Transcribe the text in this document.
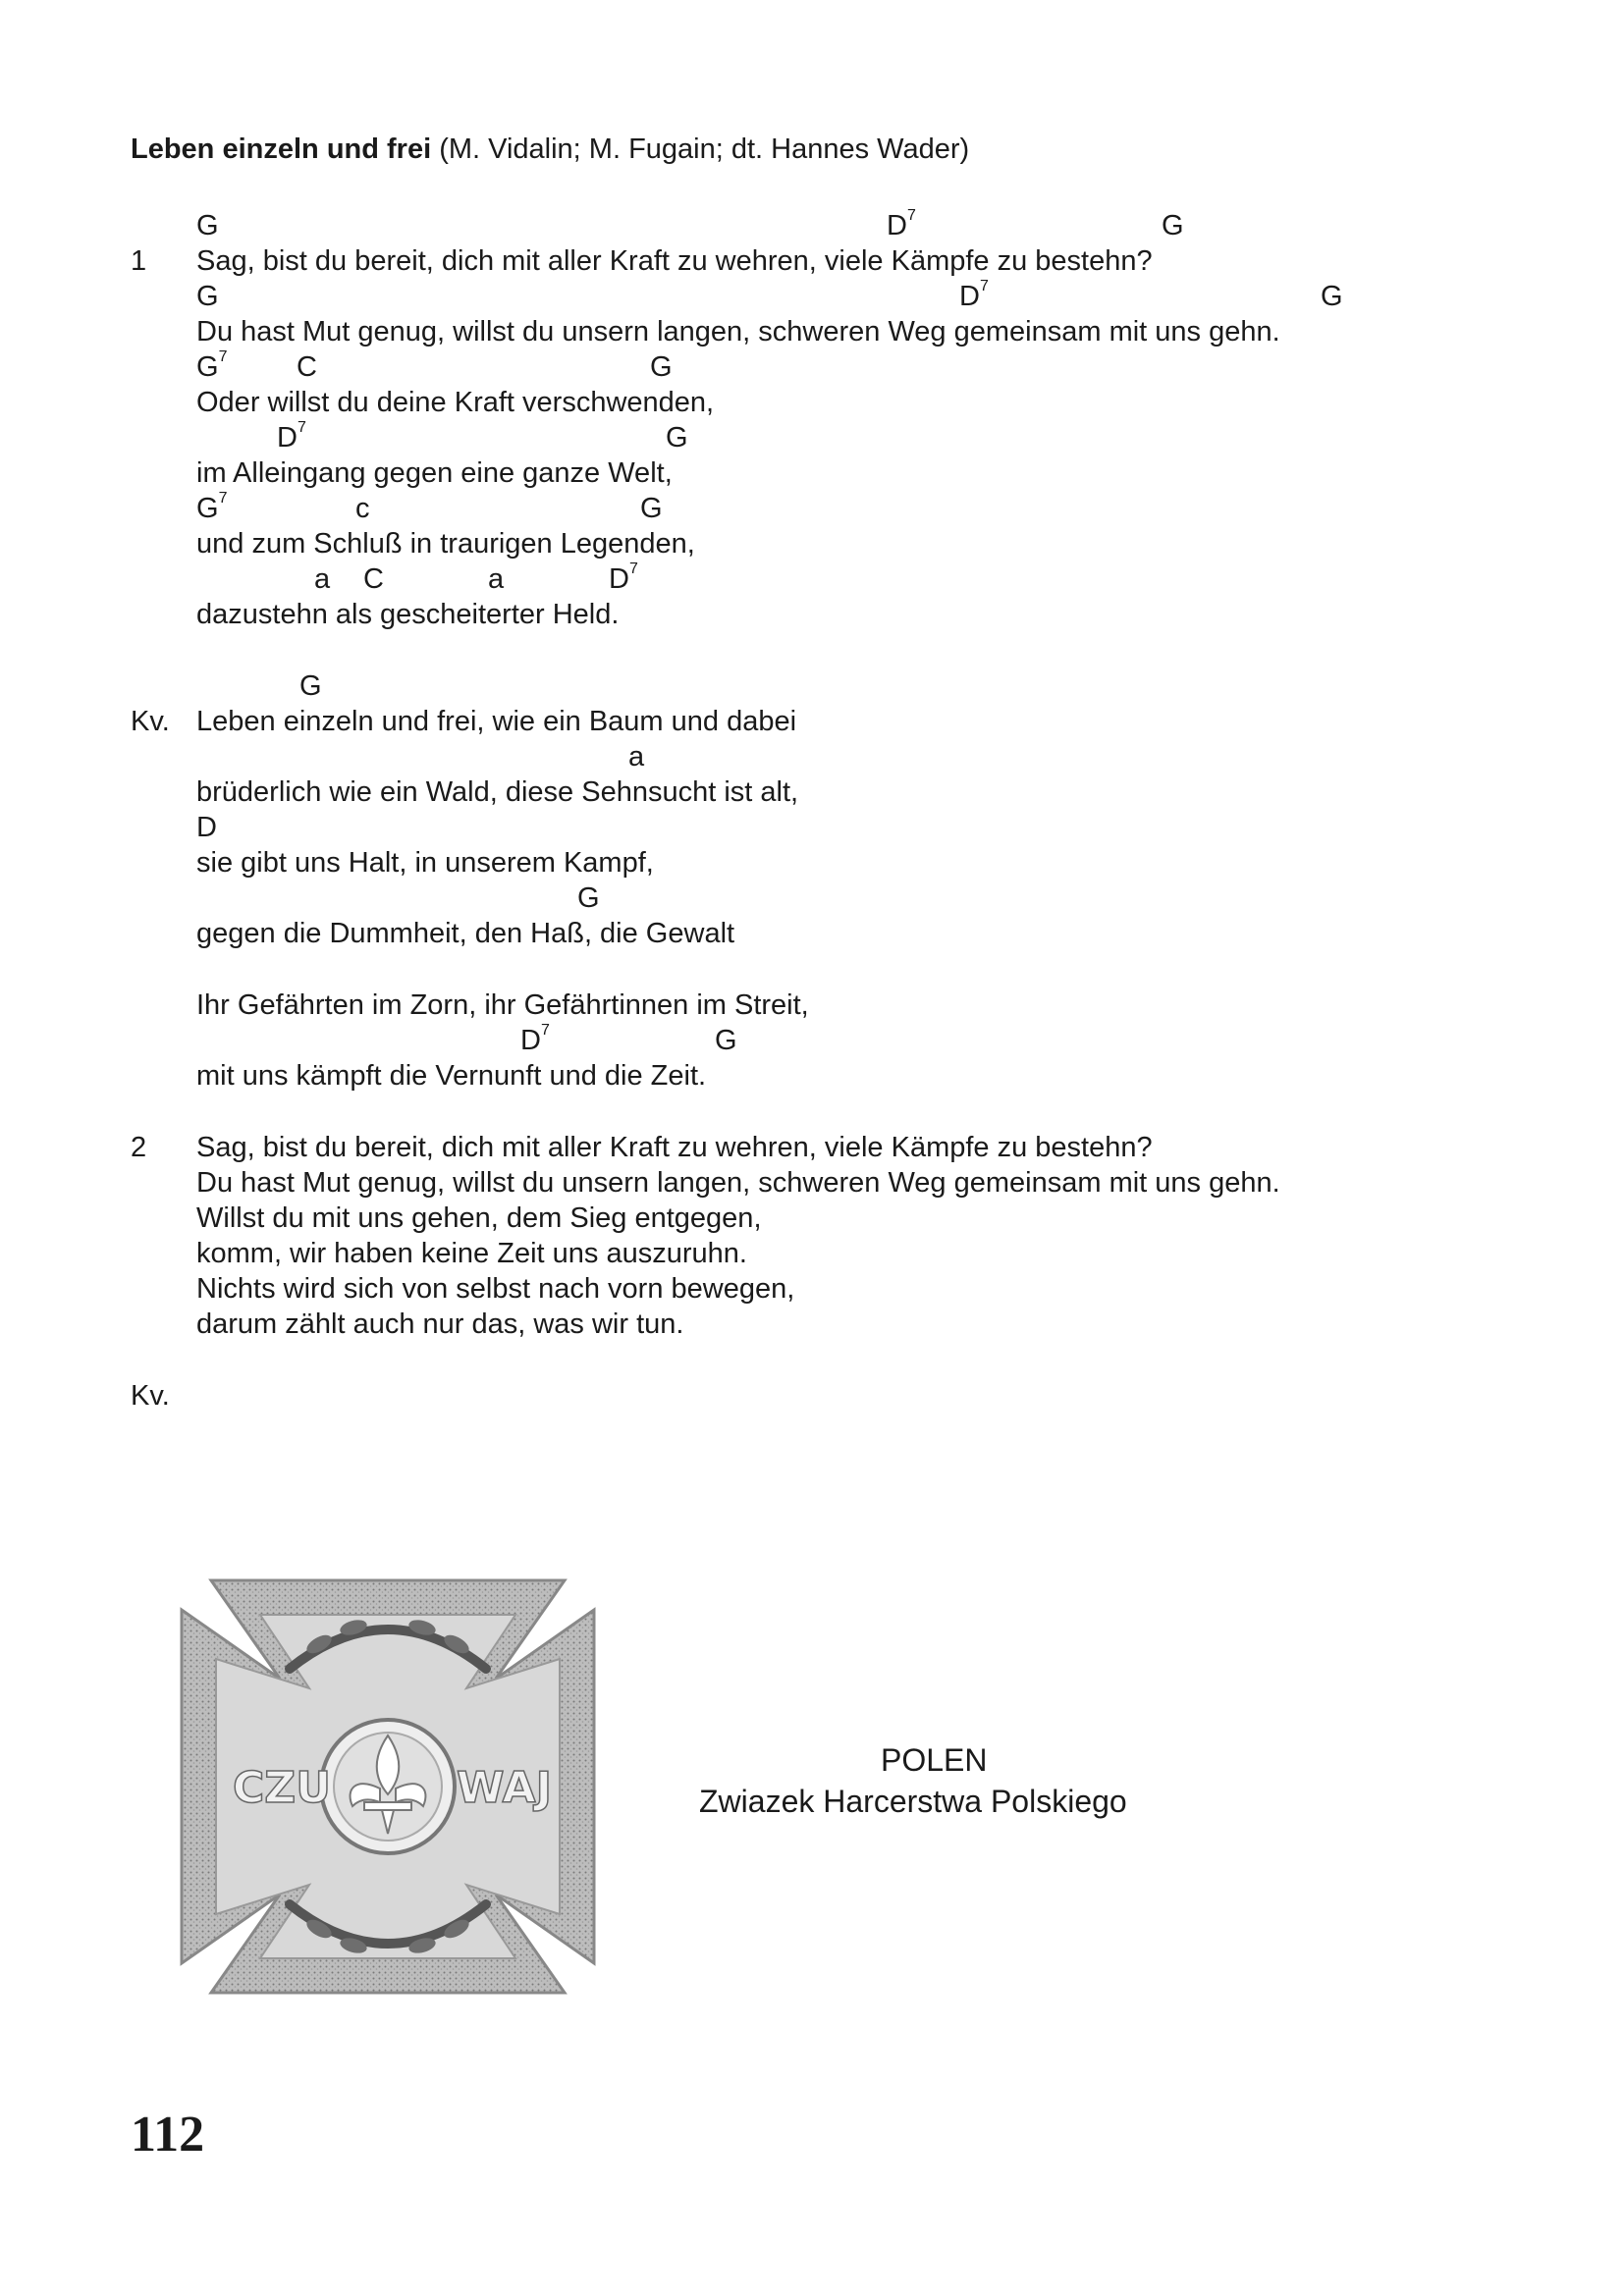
Leben einzeln und frei (M. Vidalin; M. Fugain; dt. Hannes Wader)
G	$D^7$	G
1 Sag, bist du bereit, dich mit aller Kraft zu wehren, viele Kämpfe zu bestehn?
G	$D^7$	G
Du hast Mut genug, willst du unsern langen, schweren Weg gemeinsam mit uns gehn.
$G^7$ C	G
Oder willst du deine Kraft verschwenden,
$D^7$	G
im Alleingang gegen eine ganze Welt,
$G^7$	c	G
und zum Schluß in traurigen Legenden,
a C	a	$D^7$
dazustehn als gescheiterter Held.
G
Kv. Leben einzeln und frei, wie ein Baum und dabei
a
brüderlich wie ein Wald, diese Sehnsucht ist alt,
D
sie gibt uns Halt, in unserem Kampf,
G
gegen die Dummheit, den Haß, die Gewalt
Ihr Gefährten im Zorn, ihr Gefährtinnen im Streit,
$D^7$	G
mit uns kämpft die Vernunft und die Zeit.
2 Sag, bist du bereit, dich mit aller Kraft zu wehren, viele Kämpfe zu bestehn?
Du hast Mut genug, willst du unsern langen, schweren Weg gemeinsam mit uns gehn.
Willst du mit uns gehen, dem Sieg entgegen,
komm, wir haben keine Zeit uns auszuruhn.
Nichts wird sich von selbst nach vorn bewegen,
darum zählt auch nur das, was wir tun.
Kv.
CZU	WAJ
POLEN
Zwiazek Harcerstwa Polskiego
112
